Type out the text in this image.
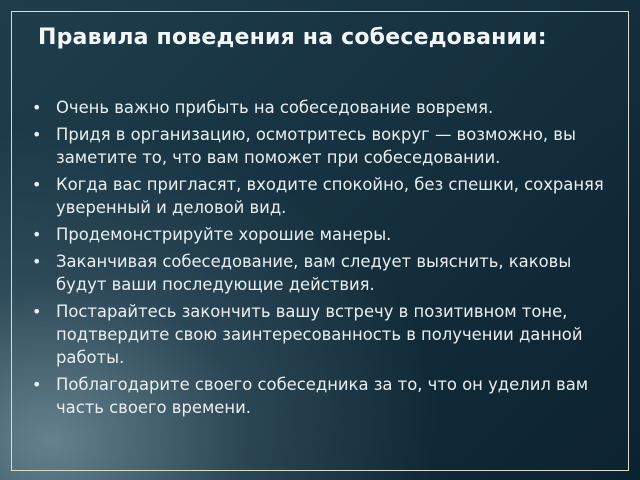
Правила поведения на собеседовании:
• Очень важно прибыть на собеседование вовремя.
• Придя в организацию, осмотритесь вокруг — возможно, вы заметите то, что вам поможет при собеседовании.
• Когда вас пригласят, входите спокойно, без спешки, сохраняя уверенный и деловой вид.
• Продемонстрируйте хорошие манеры.
• Заканчивая собеседование, вам следует выяснить, каковы будут ваши последующие действия.
• Постарайтесь закончить вашу встречу в позитивном тоне, подтвердите свою заинтересованность в получении данной работы.
• Поблагодарите своего собеседника за то, что он уделил вам часть своего времени.
